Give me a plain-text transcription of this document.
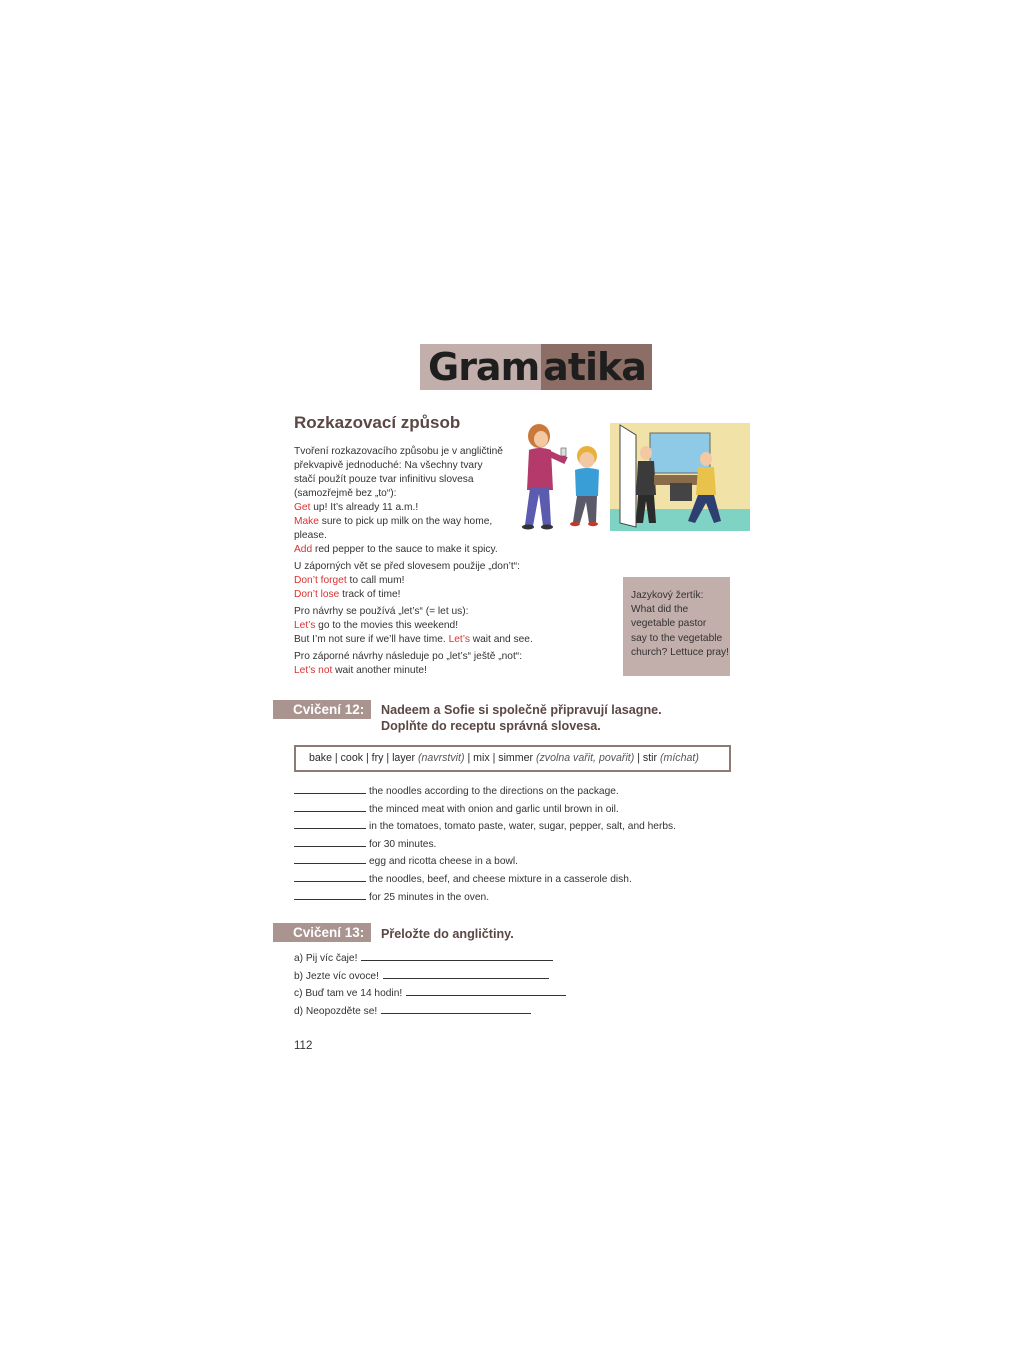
Gram atika
Rozkazovací způsob
Tvoření rozkazovacího způsobu je v angličtině
překvapivě jednoduché: Na všechny tvary
stačí použít pouze tvar infinitivu slovesa
(samozřejmě bez „to“):
Get up! It’s already 11 a.m.!
Make sure to pick up milk on the way home,
please.
Add red pepper to the sauce to make it spicy.
U záporných vět se před slovesem použije „don’t“:
Don’t forget to call mum!
Don’t lose track of time!
Pro návrhy se používá „let’s“ (= let us):
Let’s go to the movies this weekend!
But I’m not sure if we’ll have time. Let’s wait and see.
Pro záporné návrhy následuje po „let’s“ ještě „not“:
Let’s not wait another minute!
Jazykový žertík:
What did the
vegetable pastor
say to the vegetable
church? Lettuce pray!
Cvičení 12:	Nadeem a Sofie si společně připravují lasagne.
Doplňte do receptu správná slovesa.
bake | cook | fry | layer (navrstvit) | mix | simmer (zvolna vařit, povařit) | stir (míchat)
the noodles according to the directions on the package.
the minced meat with onion and garlic until brown in oil.
in the tomatoes, tomato paste, water, sugar, pepper, salt, and herbs.
for 30 minutes.
egg and ricotta cheese in a bowl.
the noodles, beef, and cheese mixture in a casserole dish.
for 25 minutes in the oven.
Cvičení 13:	Přeložte do angličtiny.
a) Pij víc čaje!
b) Jezte víc ovoce!
c) Buď tam ve 14 hodin!
d) Neopozděte se!
112
